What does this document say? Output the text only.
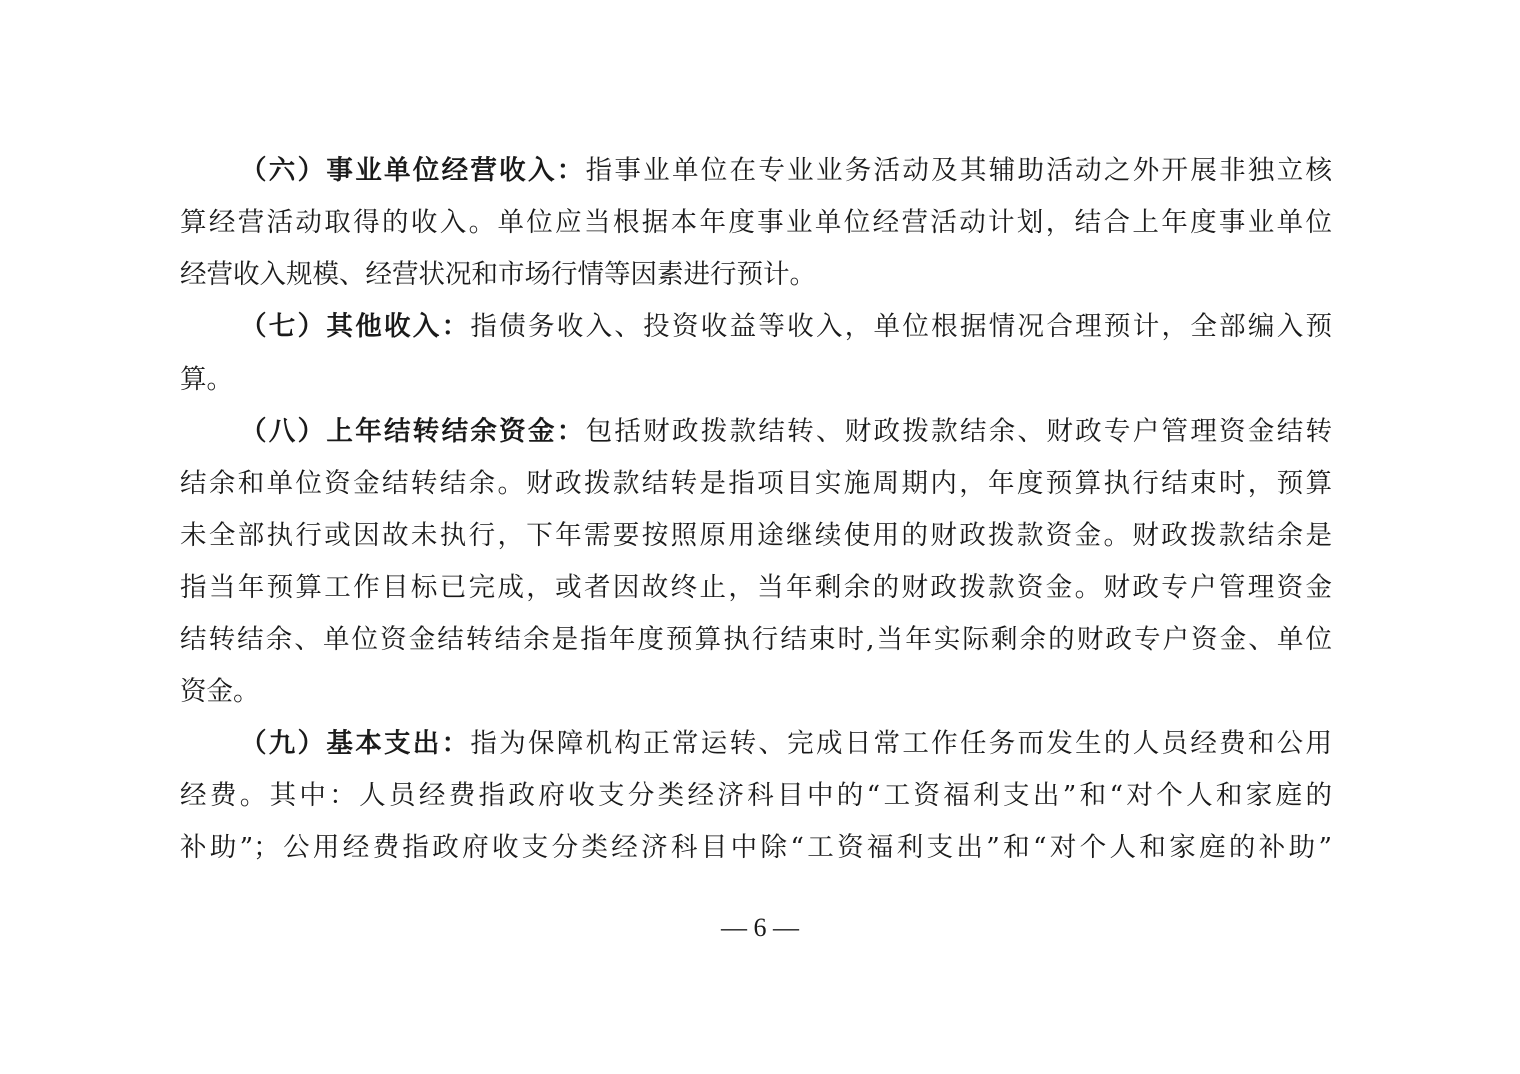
（六）事业单位经营收入：指事业单位在专业业务活动及其辅助活动之外开展非独立核
算经营活动取得的收入。单位应当根据本年度事业单位经营活动计划，结合上年度事业单位
经营收入规模、经营状况和市场行情等因素进行预计。
（七）其他收入：指债务收入、投资收益等收入，单位根据情况合理预计，全部编入预
算。
（八）上年结转结余资金：包括财政拨款结转、财政拨款结余、财政专户管理资金结转
结余和单位资金结转结余。财政拨款结转是指项目实施周期内，年度预算执行结束时，预算
未全部执行或因故未执行，下年需要按照原用途继续使用的财政拨款资金。财政拨款结余是
指当年预算工作目标已完成，或者因故终止，当年剩余的财政拨款资金。财政专户管理资金
结转结余、单位资金结转结余是指年度预算执行结束时,当年实际剩余的财政专户资金、单位
资金。
（九）基本支出：指为保障机构正常运转、完成日常工作任务而发生的人员经费和公用
经费。其中：人员经费指政府收支分类经济科目中的“工资福利支出”和“对个人和家庭的
补助”；公用经费指政府收支分类经济科目中除“工资福利支出”和“对个人和家庭的补助”
— 6 —
